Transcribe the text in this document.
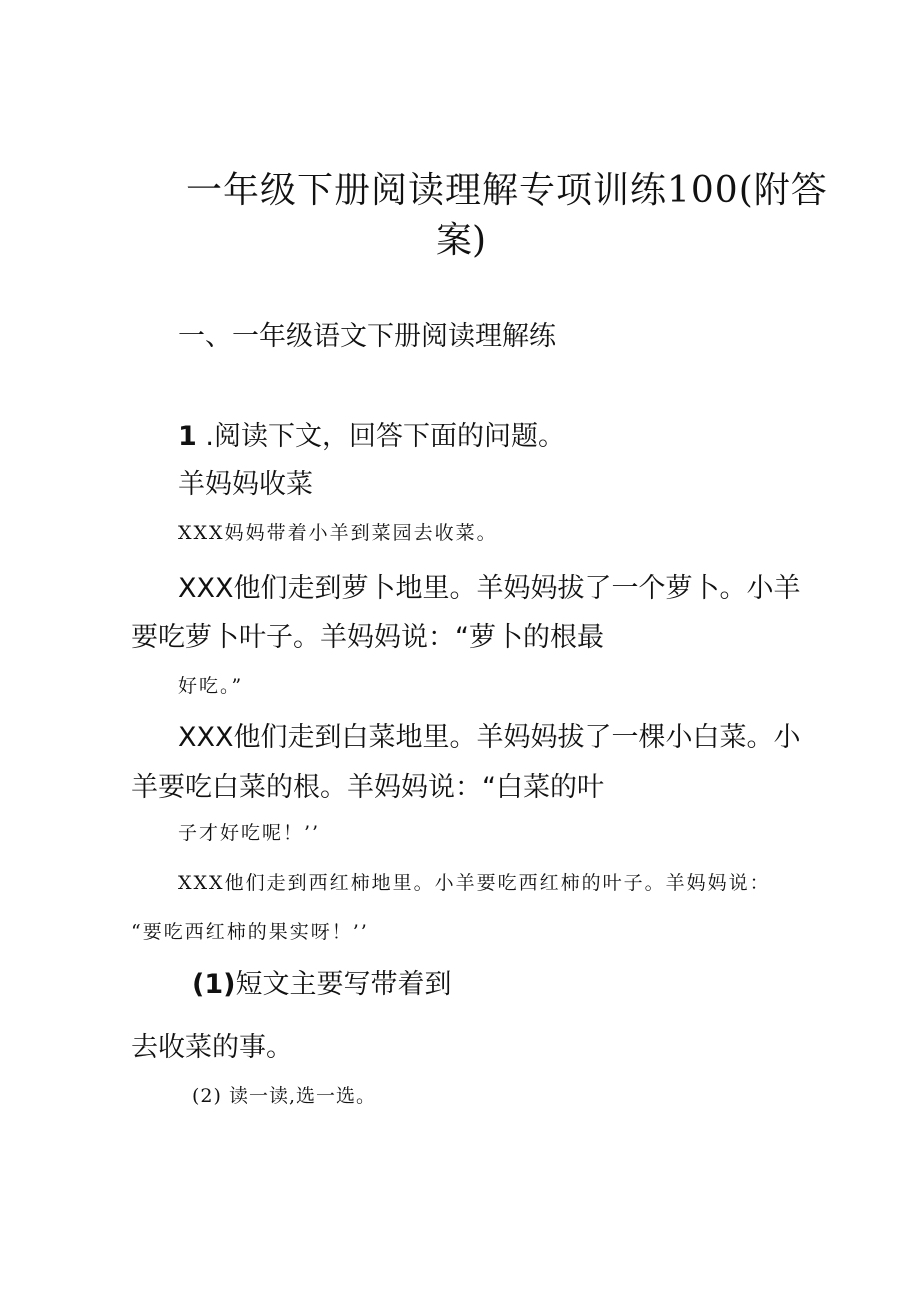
一年级下册阅读理解专项训练100(附答

案)

一、一年级语文下册阅读理解练

1 .阅读下文，回答下面的问题。

羊妈妈收菜

XXX妈妈带着小羊到菜园去收菜。

XXX他们走到萝卜地里。羊妈妈拔了一个萝卜。小羊

要吃萝卜叶子。羊妈妈说：“萝卜的根最

好吃。”

XXX他们走到白菜地里。羊妈妈拔了一棵小白菜。小

羊要吃白菜的根。羊妈妈说：“白菜的叶

子才好吃呢！’’

XXX他们走到西红柿地里。小羊要吃西红柿的叶子。羊妈妈说：

“要吃西红柿的果实呀！’’

(1)短文主要写带着到

去收菜的事。

(2) 读一读,选一选。
